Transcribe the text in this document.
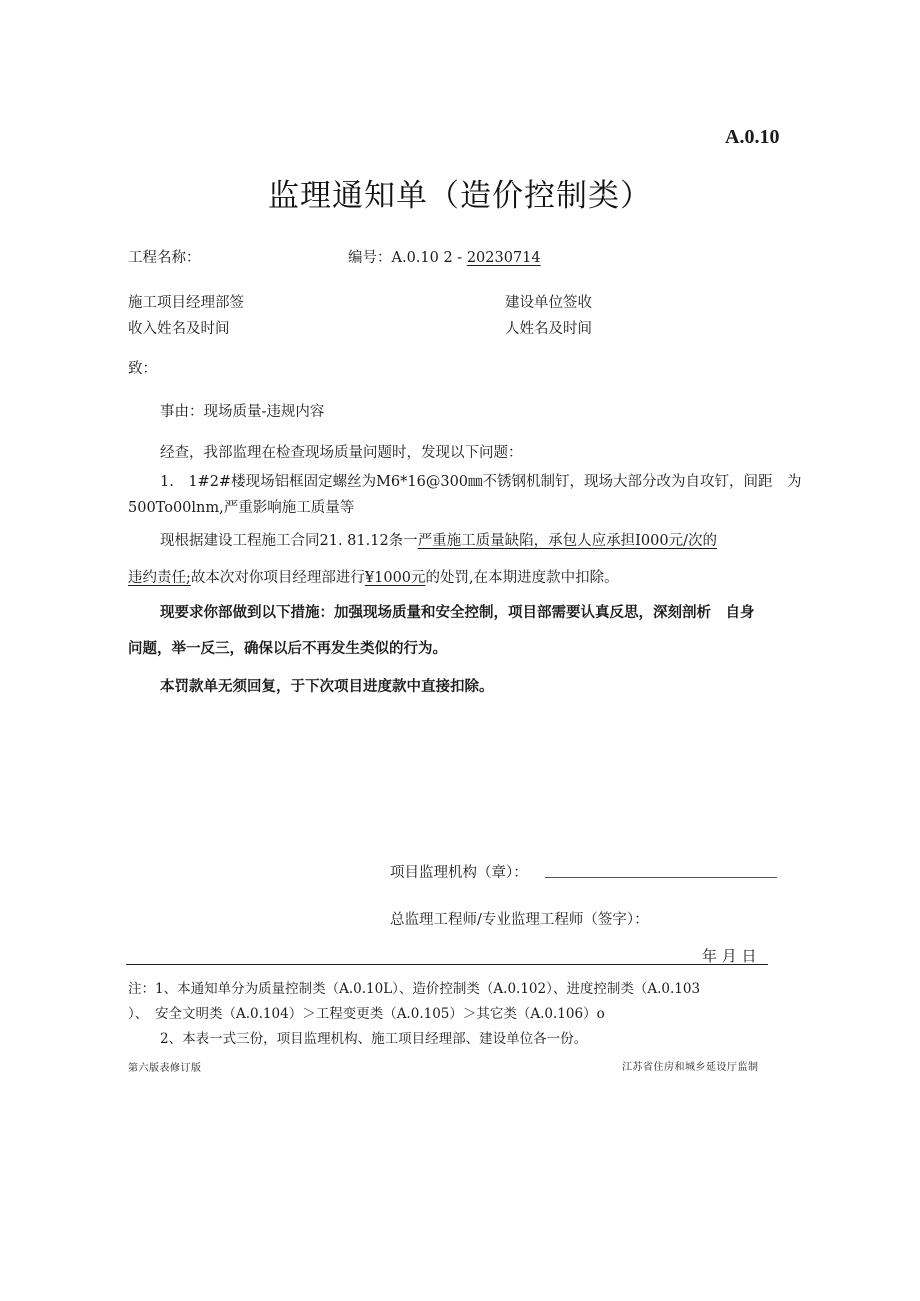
A.0.10
监理通知单（造价控制类）
工程名称：	编号：A.0.10 2 - 20230714
施工项目经理部签
收入姓名及时间
建设单位签收
人姓名及时间
致：
事由：现场质量-违规内容
经查，我部监理在检查现场质量问题时，发现以下问题：
1.　1#2#楼现场铝框固定螺丝为M6*16@300㎜不锈钢机制钉，现场大部分改为自攻钉，间距　为
500To00lnm,严重影响施工质量等
现根据建设工程施工合同21. 81.12条一严重施工质量缺陷，承包人应承担I000元/次的
违约责任;故本次对你项目经理部进行¥1000元的处罚,在本期进度款中扣除。
现要求你部做到以下措施：加强现场质量和安全控制，项目部需要认真反思，深刻剖析　自身
问题，举一反三，确保以后不再发生类似的行为。
本罚款单无须回复，于下次项目进度款中直接扣除。
项目监理机构（章）：
总监理工程师/专业监理工程师（签字）：
年 月 日
注：1、本通知单分为质量控制类（A.0.10L）、造价控制类（A.0.102）、进度控制类（A.0.103
）、　安全文明类（A.0.104）＞工程变更类（A.0.105）＞其它类（A.0.106）o
2、本表一式三份，项目监理机构、施工项目经理部、建设单位各一份。
第六版表修订版	江苏省住房和城乡延设厅监制
